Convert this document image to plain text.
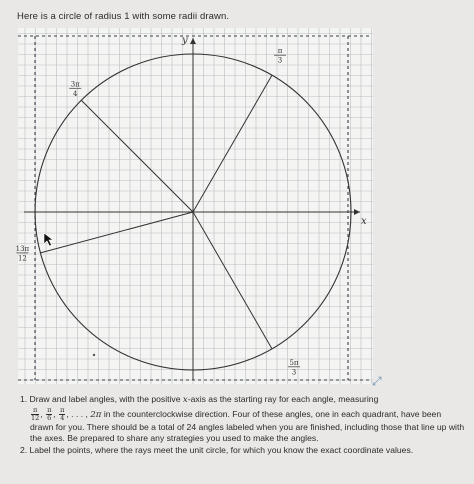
Here is a circle of radius 1 with some radii drawn.
x
y
π
3
3π
4
13π
12
5π
3
⤢

1. Draw and label angles, with the positive x-axis as the starting ray for each angle, measuring

$\frac{\pi}{12}$ , $\frac{\pi}{6}$ , $\frac{\pi}{4}$ , . . . , 2π in the counterclockwise direction. Four of these angles, one in each quadrant, have been drawn for you. There should be a total of 24 angles labeled when you are finished, including those that line up with the axes. Be prepared to share any strategies you used to make the angles.

2. Label the points, where the rays meet the unit circle, for which you know the exact coordinate values.
